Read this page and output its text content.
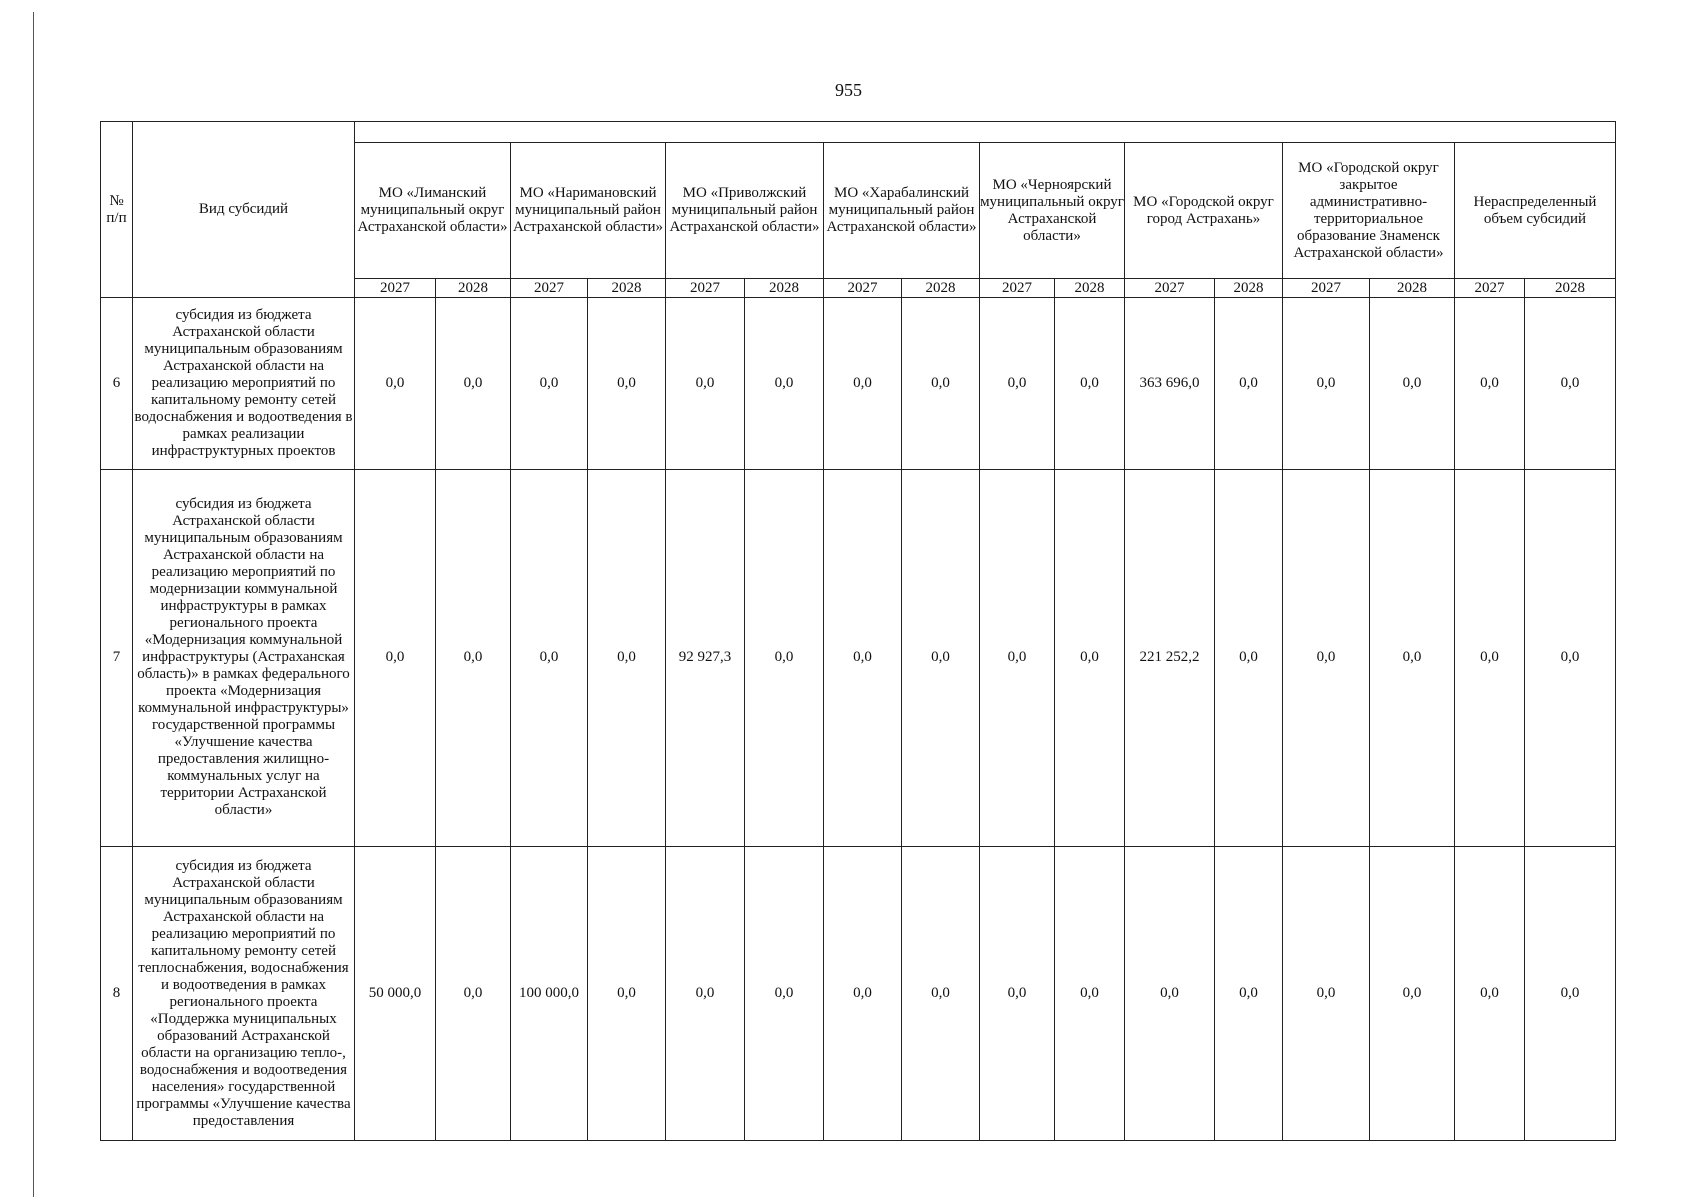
955
№
п/п	Вид субсидий																
		МО «Лиманский муниципальный округ Астраханской области»		МО «Наримановский муниципальный район Астраханской области»		МО «Приволжский муниципальный район Астраханской области»		МО «Харабалинский муниципальный район Астраханской области»		МО «Черноярский муниципальный округ Астраханской области»		МО «Городской округ город Астрахань»		МО «Городской округ закрытое административно-территориальное образование Знаменск Астраханской области»		Нераспределенный объем субсидий	
		2027	2028	2027	2028	2027	2028	2027	2028	2027	2028	2027	2028	2027	2028	2027	2028
6	субсидия из бюджета Астраханской области муниципальным образованиям Астраханской области на реализацию мероприятий по капитальному ремонту сетей водоснабжения и водоотведения в рамках реализации инфраструктурных проектов	0,0	0,0	0,0	0,0	0,0	0,0	0,0	0,0	0,0	0,0	363 696,0	0,0	0,0	0,0	0,0	0,0
7	субсидия из бюджета Астраханской области муниципальным образованиям Астраханской области на реализацию мероприятий по модернизации коммунальной инфраструктуры в рамках регионального проекта «Модернизация коммунальной инфраструктуры (Астраханская область)» в рамках федерального проекта «Модернизация коммунальной инфраструктуры» государственной программы «Улучшение качества предоставления жилищно-коммунальных услуг на территории Астраханской области»	0,0	0,0	0,0	0,0	92 927,3	0,0	0,0	0,0	0,0	0,0	221 252,2	0,0	0,0	0,0	0,0	0,0
8	субсидия из бюджета Астраханской области муниципальным образованиям Астраханской области на реализацию мероприятий по капитальному ремонту сетей теплоснабжения, водоснабжения и водоотведения в рамках регионального проекта «Поддержка муниципальных образований Астраханской области на организацию тепло-, водоснабжения и водоотведения населения» государственной программы «Улучшение качества предоставления	50 000,0	0,0	100 000,0	0,0	0,0	0,0	0,0	0,0	0,0	0,0	0,0	0,0	0,0	0,0	0,0	0,0
